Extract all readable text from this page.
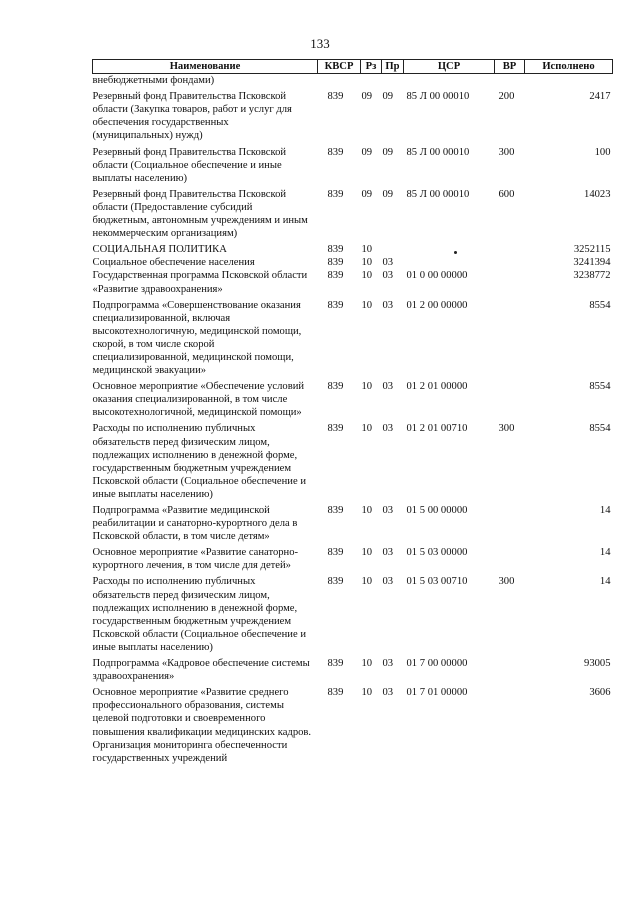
133
Наименование	КВСР	Рз	Пр	ЦСР	ВР	Исполнено
внебюджетными фондами)						
Резервный фонд Правительства Псковской области (Закупка товаров, работ и услуг для обеспечения государственных (муниципальных) нужд)	839	09	09	85 Л 00 00010	200	2417
Резервный фонд Правительства Псковской области (Социальное обеспечение и иные выплаты населению)	839	09	09	85 Л 00 00010	300	100
Резервный фонд Правительства Псковской области (Предоставление субсидий бюджетным, автономным учреждениям и иным некоммерческим организациям)	839	09	09	85 Л 00 00010	600	14023
СОЦИАЛЬНАЯ ПОЛИТИКА	839	10				3252115
Социальное обеспечение населения	839	10	03			3241394
Государственная программа Псковской области «Развитие здравоохранения»	839	10	03	01 0 00 00000		3238772
Подпрограмма «Совершенствование оказания специализированной, включая высокотехнологичную, медицинской помощи, скорой, в том числе скорой специализированной, медицинской помощи, медицинской эвакуации»	839	10	03	01 2 00 00000		8554
Основное мероприятие «Обеспечение условий оказания специализированной, в том числе высокотехнологичной, медицинской помощи»	839	10	03	01 2 01 00000		8554
Расходы по исполнению публичных обязательств перед физическим лицом, подлежащих исполнению в денежной форме, государственным бюджетным учреждением Псковской области (Социальное обеспечение и иные выплаты населению)	839	10	03	01 2 01 00710	300	8554
Подпрограмма «Развитие медицинской реабилитации и санаторно-курортного дела в Псковской области, в том числе детям»	839	10	03	01 5 00 00000		14
Основное мероприятие «Развитие санаторно-курортного лечения, в том числе для детей»	839	10	03	01 5 03 00000		14
Расходы по исполнению публичных обязательств перед физическим лицом, подлежащих исполнению в денежной форме, государственным бюджетным учреждением Псковской области (Социальное обеспечение и иные выплаты населению)	839	10	03	01 5 03 00710	300	14
Подпрограмма «Кадровое обеспечение системы здравоохранения»	839	10	03	01 7 00 00000		93005
Основное мероприятие «Развитие среднего профессионального образования, системы целевой подготовки и своевременного повышения квалификации медицинских кадров. Организация мониторинга обеспеченности государственных учреждений	839	10	03	01 7 01 00000		3606
